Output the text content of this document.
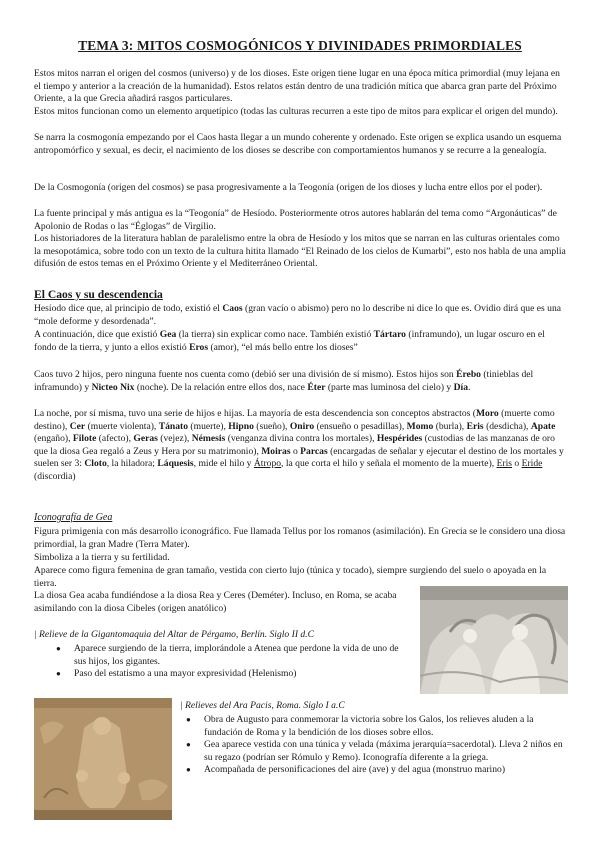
TEMA 3: MITOS COSMOGÓNICOS Y DIVINIDADES PRIMORDIALES

Estos mitos narran el origen del cosmos (universo) y de los dioses. Este origen tiene lugar en una época mítica primordial (muy lejana en el tiempo y anterior a la creación de la humanidad). Estos relatos están dentro de una tradición mítica que abarca gran parte del Próximo Oriente, a la que Grecia añadirá rasgos particulares.

Estos mitos funcionan como un elemento arquetípico (todas las culturas recurren a este tipo de mitos para explicar el origen del mundo).

Se narra la cosmogonía empezando por el Caos hasta llegar a un mundo coherente y ordenado. Este origen se explica usando un esquema antropomórfico y sexual, es decir, el nacimiento de los dioses se describe con comportamientos humanos y se recurre a la genealogía.

De la Cosmogonía (origen del cosmos) se pasa progresivamente a la Teogonía (origen de los dioses y lucha entre ellos por el poder).

La fuente principal y más antigua es la “Teogonía” de Hesíodo. Posteriormente otros autores hablarán del tema como “Argonáuticas” de Apolonio de Rodas o las “Églogas” de Virgilio.

Los historiadores de la literatura hablan de paralelismo entre la obra de Hesíodo y los mitos que se narran en las culturas orientales como la mesopotámica, sobre todo con un texto de la cultura hitita llamado “El Reinado de los cielos de Kumarbi”, esto nos habla de una amplia difusión de estos temas en el Próximo Oriente y el Mediterráneo Oriental.

El Caos y su descendencia

Hesíodo dice que, al principio de todo, existió el Caos (gran vacío o abismo) pero no lo describe ni dice lo que es. Ovidio dirá que es una “mole deforme y desordenada”.

A continuación, dice que existió Gea (la tierra) sin explicar como nace. También existió Tártaro (inframundo), un lugar oscuro en el fondo de la tierra, y junto a ellos existió Eros (amor), “el más bello entre los dioses”

Caos tuvo 2 hijos, pero ninguna fuente nos cuenta como (debió ser una división de sí mismo). Estos hijos son Érebo (tinieblas del inframundo) y Nicteo Nix (noche). De la relación entre ellos dos, nace Éter (parte mas luminosa del cielo) y Día.

La noche, por sí misma, tuvo una serie de hijos e hijas. La mayoría de esta descendencia son conceptos abstractos (Moro (muerte como destino), Cer (muerte violenta), Tánato (muerte), Hipno (sueño), Oniro (ensueño o pesadillas), Momo (burla), Eris (desdicha), Apate (engaño), Filote (afecto), Geras (vejez), Némesis (venganza divina contra los mortales), Hespérides (custodias de las manzanas de oro que la diosa Gea regaló a Zeus y Hera por su matrimonio), Moiras o Parcas (encargadas de señalar y ejecutar el destino de los mortales y suelen ser 3: Cloto, la hiladora; Láquesis, mide el hilo y Átropo, la que corta el hilo y señala el momento de la muerte), Eris o Eride (discordia)

Iconografía de Gea

Figura primigenia con más desarrollo iconográfico. Fue llamada Tellus por los romanos (asimilación). En Grecia se le considero una diosa primordial, la gran Madre (Terra Mater).

Simboliza a la tierra y su fertilidad.

Aparece como figura femenina de gran tamaño, vestida con cierto lujo (túnica y tocado), siempre surgiendo del suelo o apoyada en la tierra.

La diosa Gea acaba fundiéndose a la diosa Rea y Ceres (Deméter). Incluso, en Roma, se acaba asimilando con la diosa Cibeles (origen anatólico)

| Relieve de la Gigantomaquia del Altar de Pérgamo, Berlín. Siglo II d.C
● Aparece surgiendo de la tierra, implorándole a Atenea que perdone la vida de uno de sus hijos, los gigantes.
● Paso del estatismo a una mayor expresividad (Helenismo)
| Relieves del Ara Pacis, Roma. Siglo I a.C
● Obra de Augusto para conmemorar la victoria sobre los Galos, los relieves aluden a la fundación de Roma y la bendición de los dioses sobre ellos.
● Gea aparece vestida con una túnica y velada (máxima jerarquía=sacerdotal). Lleva 2 niños en su regazo (podrían ser Rómulo y Remo). Iconografía diferente a la griega.
● Acompañada de personificaciones del aire (ave) y del agua (monstruo marino)
